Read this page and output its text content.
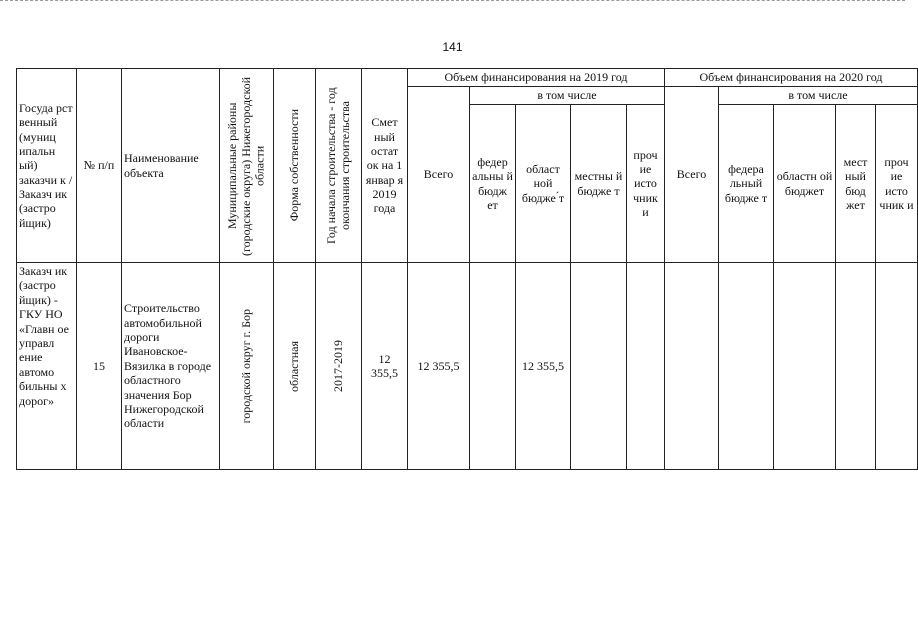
141
Госуда рст венный (муниц ипальн ый) заказчи к / Заказч ик (застро йщик)	№ п/п	Наименование объекта	Муниципальные районы (городские округа) Нижегородской области	Форма собственности	Год начала строительства - год окончания строительства	Смет ный остат ок на 1 январ я 2019 года	Объем финансирования на 2019 год					Объем финансирования на 2020 год				
							Всего	в том числе				Всего	в том числе			
								федер альны й бюдж ет	област ной бюдже ́т	местны й бюдже т	проч ие исто чник и		федера льный бюдже т	областн ой бюджет	мест ный бюд жет	проч ие исто чник и
Заказч ик (застро йщик) - ГКУ НО «Главн ое управл ение автомо бильны х дорог»	15	Строительство автомобильной дороги Ивановское-Вязилка в городе областного значения Бор Нижегородской области	городской округ г. Бор	областная	2017-2019	12 355,5	12 355,5		12 355,5							
